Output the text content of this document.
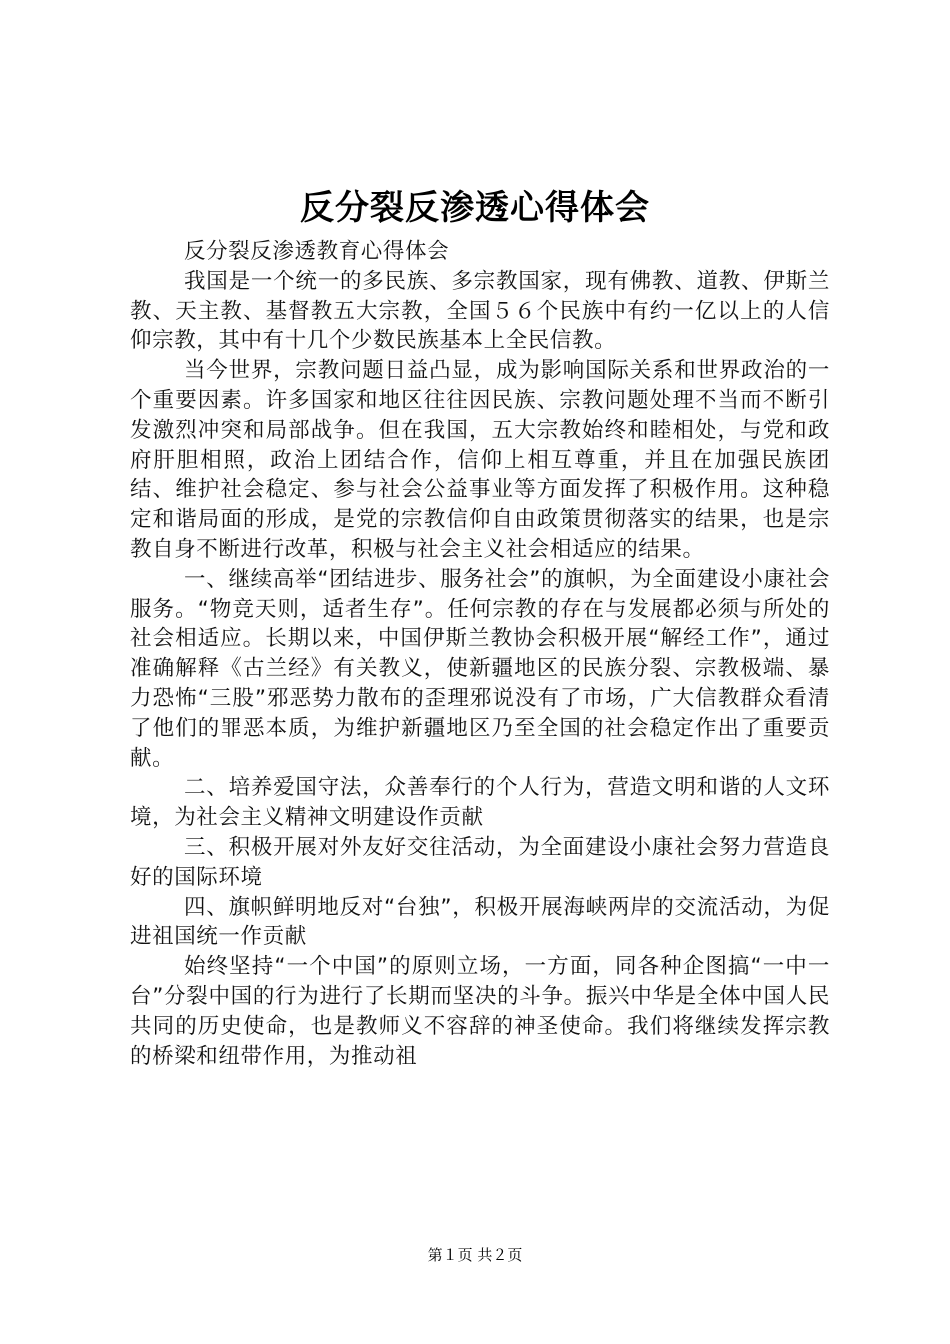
反分裂反渗透心得体会

反分裂反渗透教育心得体会

我国是一个统一的多民族、多宗教国家，现有佛教、道教、伊斯兰教、天主教、基督教五大宗教，全国５６个民族中有约一亿以上的人信仰宗教，其中有十几个少数民族基本上全民信教。

当今世界，宗教问题日益凸显，成为影响国际关系和世界政治的一个重要因素。许多国家和地区往往因民族、宗教问题处理不当而不断引发激烈冲突和局部战争。但在我国，五大宗教始终和睦相处，与党和政府肝胆相照，政治上团结合作，信仰上相互尊重，并且在加强民族团结、维护社会稳定、参与社会公益事业等方面发挥了积极作用。这种稳定和谐局面的形成，是党的宗教信仰自由政策贯彻落实的结果，也是宗教自身不断进行改革，积极与社会主义社会相适应的结果。

一、继续高举“团结进步、服务社会”的旗帜，为全面建设小康社会服务。“物竞天则，适者生存”。任何宗教的存在与发展都必须与所处的社会相适应。长期以来，中国伊斯兰教协会积极开展“解经工作”，通过准确解释《古兰经》有关教义，使新疆地区的民族分裂、宗教极端、暴力恐怖“三股”邪恶势力散布的歪理邪说没有了市场，广大信教群众看清了他们的罪恶本质，为维护新疆地区乃至全国的社会稳定作出了重要贡献。

二、培养爱国守法，众善奉行的个人行为，营造文明和谐的人文环境，为社会主义精神文明建设作贡献

三、积极开展对外友好交往活动，为全面建设小康社会努力营造良好的国际环境

四、旗帜鲜明地反对“台独”，积极开展海峡两岸的交流活动，为促进祖国统一作贡献

始终坚持“一个中国”的原则立场，一方面，同各种企图搞“一中一台”分裂中国的行为进行了长期而坚决的斗争。振兴中华是全体中国人民共同的历史使命，也是教师义不容辞的神圣使命。我们将继续发挥宗教的桥梁和纽带作用，为推动祖

第１页 共２页
